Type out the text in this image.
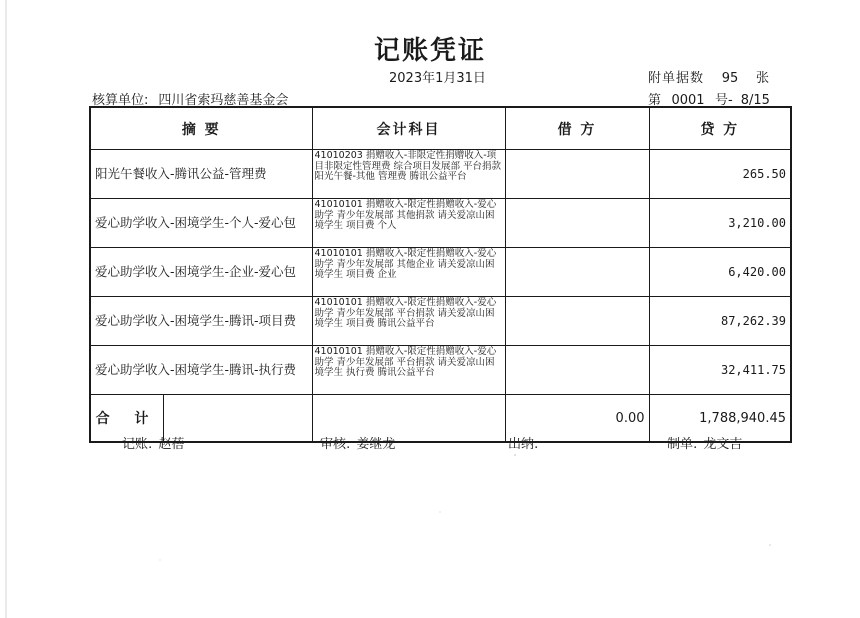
记账凭证
2023年1月31日	附单据数 95 张
核算单位: 四川省索玛慈善基金会	第 0001 号- 8/15
摘 要	会计科目	借 方	贷 方
阳光午餐收入-腾讯公益-管理费	41010203 捐赠收入-非限定性捐赠收入-项目非限定性管理费 综合项目发展部 平台捐款 阳光午餐-其他 管理费 腾讯公益平台		265.50
爱心助学收入-困境学生-个人-爱心包	41010101 捐赠收入-限定性捐赠收入-爱心助学 青少年发展部 其他捐款 请关爱凉山困境学生 项目费 个人		3,210.00
爱心助学收入-困境学生-企业-爱心包	41010101 捐赠收入-限定性捐赠收入-爱心助学 青少年发展部 其他企业 请关爱凉山困境学生 项目费 企业		6,420.00
爱心助学收入-困境学生-腾讯-项目费	41010101 捐赠收入-限定性捐赠收入-爱心助学 青少年发展部 平台捐款 请关爱凉山困境学生 项目费 腾讯公益平台		87,262.39
爱心助学收入-困境学生-腾讯-执行费	41010101 捐赠收入-限定性捐赠收入-爱心助学 青少年发展部 平台捐款 请关爱凉山困境学生 执行费 腾讯公益平台		32,411.75

合 计		0.00	1,788,940.45
记账: 赵蓓	审核: 姜继龙	出纳:	制单: 龙文吉
